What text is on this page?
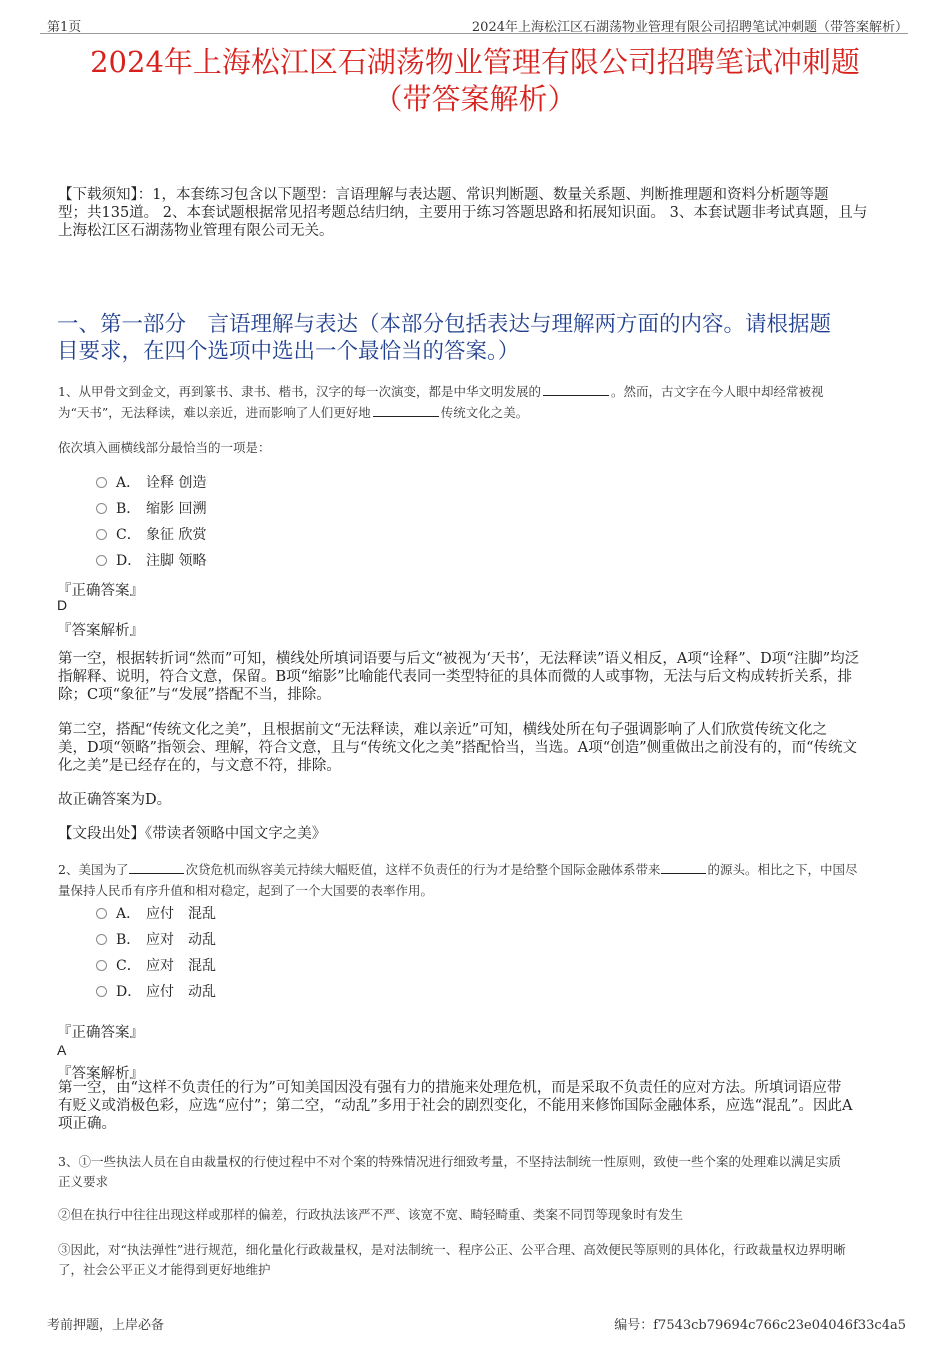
第1页	2024年上海松江区石湖荡物业管理有限公司招聘笔试冲刺题（带答案解析）
2024年上海松江区石湖荡物业管理有限公司招聘笔试冲刺题
（带答案解析）
【下载须知】：1，本套练习包含以下题型：言语理解与表达题、常识判断题、数量关系题、判断推理题和资料分析题等题
型；共135道。 2、本套试题根据常见招考题总结归纳，主要用于练习答题思路和拓展知识面。 3、本套试题非考试真题，且与
上海松江区石湖荡物业管理有限公司无关。
一、第一部分　言语理解与表达（本部分包括表达与理解两方面的内容。请根据题
目要求，在四个选项中选出一个最恰当的答案。）
1、从甲骨文到金文，再到篆书、隶书、楷书，汉字的每一次演变，都是中华文明发展的	。然而，古文字在今人眼中却经常被视
为“天书”，无法释读，难以亲近，进而影响了人们更好地	传统文化之美。
依次填入画横线部分最恰当的一项是：
A． 诠释 创造
B． 缩影 回溯
C． 象征 欣赏
D． 注脚 领略
『正确答案』
D
『答案解析』
第一空，根据转折词“然而”可知，横线处所填词语要与后文“被视为‘天书’，无法释读”语义相反，A项“诠释”、D项“注脚”均泛
指解释、说明，符合文意，保留。B项“缩影”比喻能代表同一类型特征的具体而微的人或事物，无法与后文构成转折关系，排
除；C项“象征”与“发展”搭配不当，排除。
第二空，搭配“传统文化之美”，且根据前文“无法释读，难以亲近”可知，横线处所在句子强调影响了人们欣赏传统文化之
美，D项“领略”指领会、理解，符合文意，且与“传统文化之美”搭配恰当，当选。A项“创造”侧重做出之前没有的，而“传统文
化之美”是已经存在的，与文意不符，排除。
故正确答案为D。
【文段出处】《带读者领略中国文字之美》
2、美国为了	次贷危机而纵容美元持续大幅贬值，这样不负责任的行为才是给整个国际金融体系带来	的源头。相比之下，中国尽
量保持人民币有序升值和相对稳定，起到了一个大国要的表率作用。
A． 应付　混乱
B． 应对　动乱
C． 应对　混乱
D． 应付　动乱
『正确答案』
A
『答案解析』
第一空，由“这样不负责任的行为”可知美国因没有强有力的措施来处理危机，而是采取不负责任的应对方法。所填词语应带
有贬义或消极色彩，应选“应付”；第二空，“动乱”多用于社会的剧烈变化，不能用来修饰国际金融体系，应选“混乱”。因此A
项正确。
3、①一些执法人员在自由裁量权的行使过程中不对个案的特殊情况进行细致考量，不坚持法制统一性原则，致使一些个案的处理难以满足实质
正义要求
②但在执行中往往出现这样或那样的偏差，行政执法该严不严、该宽不宽、畸轻畸重、类案不同罚等现象时有发生
③因此，对“执法弹性”进行规范，细化量化行政裁量权，是对法制统一、程序公正、公平合理、高效便民等原则的具体化，行政裁量权边界明晰
了，社会公平正义才能得到更好地维护
考前押题，上岸必备	编号：f7543cb79694c766c23e04046f33c4a5
